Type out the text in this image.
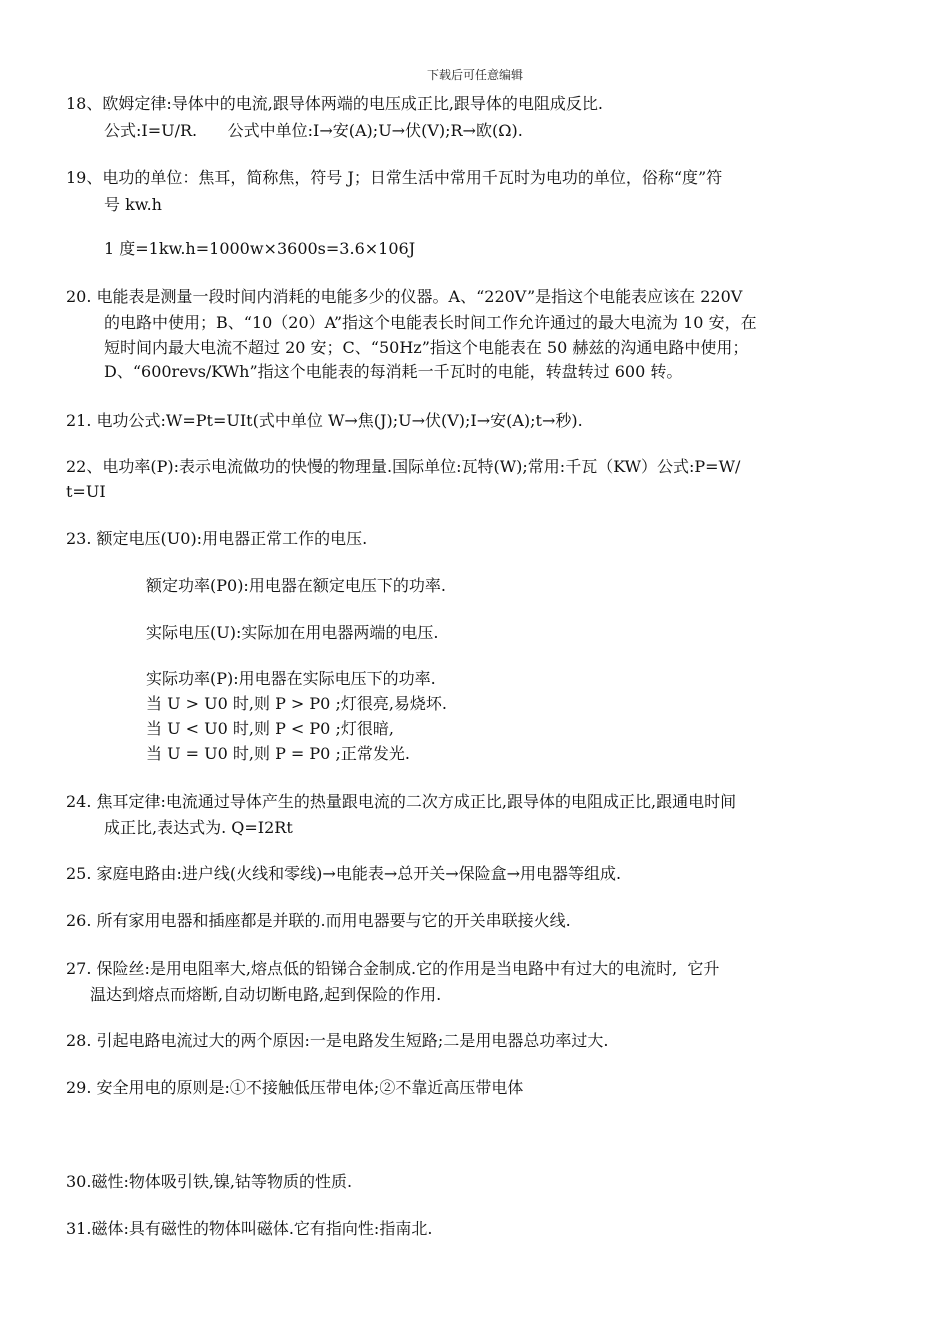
下载后可任意编辑
18、欧姆定律:导体中的电流,跟导体两端的电压成正比,跟导体的电阻成反比.
公式:I=U/R.      公式中单位:I→安(A);U→伏(V);R→欧(Ω).
19、电功的单位：焦耳，简称焦，符号 J；日常生活中常用千瓦时为电功的单位，俗称“度”符
号 kw.h
1 度=1kw.h=1000w×3600s=3.6×106J
20. 电能表是测量一段时间内消耗的电能多少的仪器。A、“220V”是指这个电能表应该在 220V
的电路中使用；B、“10（20）A”指这个电能表长时间工作允许通过的最大电流为 10 安，在
短时间内最大电流不超过 20 安；C、“50Hz”指这个电能表在 50 赫兹的沟通电路中使用；
D、“600revs/KWh”指这个电能表的每消耗一千瓦时的电能，转盘转过 600 转。
21. 电功公式:W=Pt=UIt(式中单位 W→焦(J);U→伏(V);I→安(A);t→秒).
22、电功率(P):表示电流做功的快慢的物理量.国际单位:瓦特(W);常用:千瓦（KW）公式:P=W/
t=UI
23. 额定电压(U0):用电器正常工作的电压.
额定功率(P0):用电器在额定电压下的功率.
实际电压(U):实际加在用电器两端的电压.
实际功率(P):用电器在实际电压下的功率.
当 U > U0 时,则 P > P0 ;灯很亮,易烧坏.
当 U < U0 时,则 P < P0 ;灯很暗,
当 U = U0 时,则 P = P0 ;正常发光.
24. 焦耳定律:电流通过导体产生的热量跟电流的二次方成正比,跟导体的电阻成正比,跟通电时间
成正比,表达式为. Q=I2Rt
25. 家庭电路由:进户线(火线和零线)→电能表→总开关→保险盒→用电器等组成.
26. 所有家用电器和插座都是并联的.而用电器要与它的开关串联接火线.
27. 保险丝:是用电阻率大,熔点低的铅锑合金制成.它的作用是当电路中有过大的电流时,  它升
温达到熔点而熔断,自动切断电路,起到保险的作用.
28. 引起电路电流过大的两个原因:一是电路发生短路;二是用电器总功率过大.
29. 安全用电的原则是:①不接触低压带电体;②不靠近高压带电体
30.磁性:物体吸引铁,镍,钴等物质的性质.
31.磁体:具有磁性的物体叫磁体.它有指向性:指南北.
